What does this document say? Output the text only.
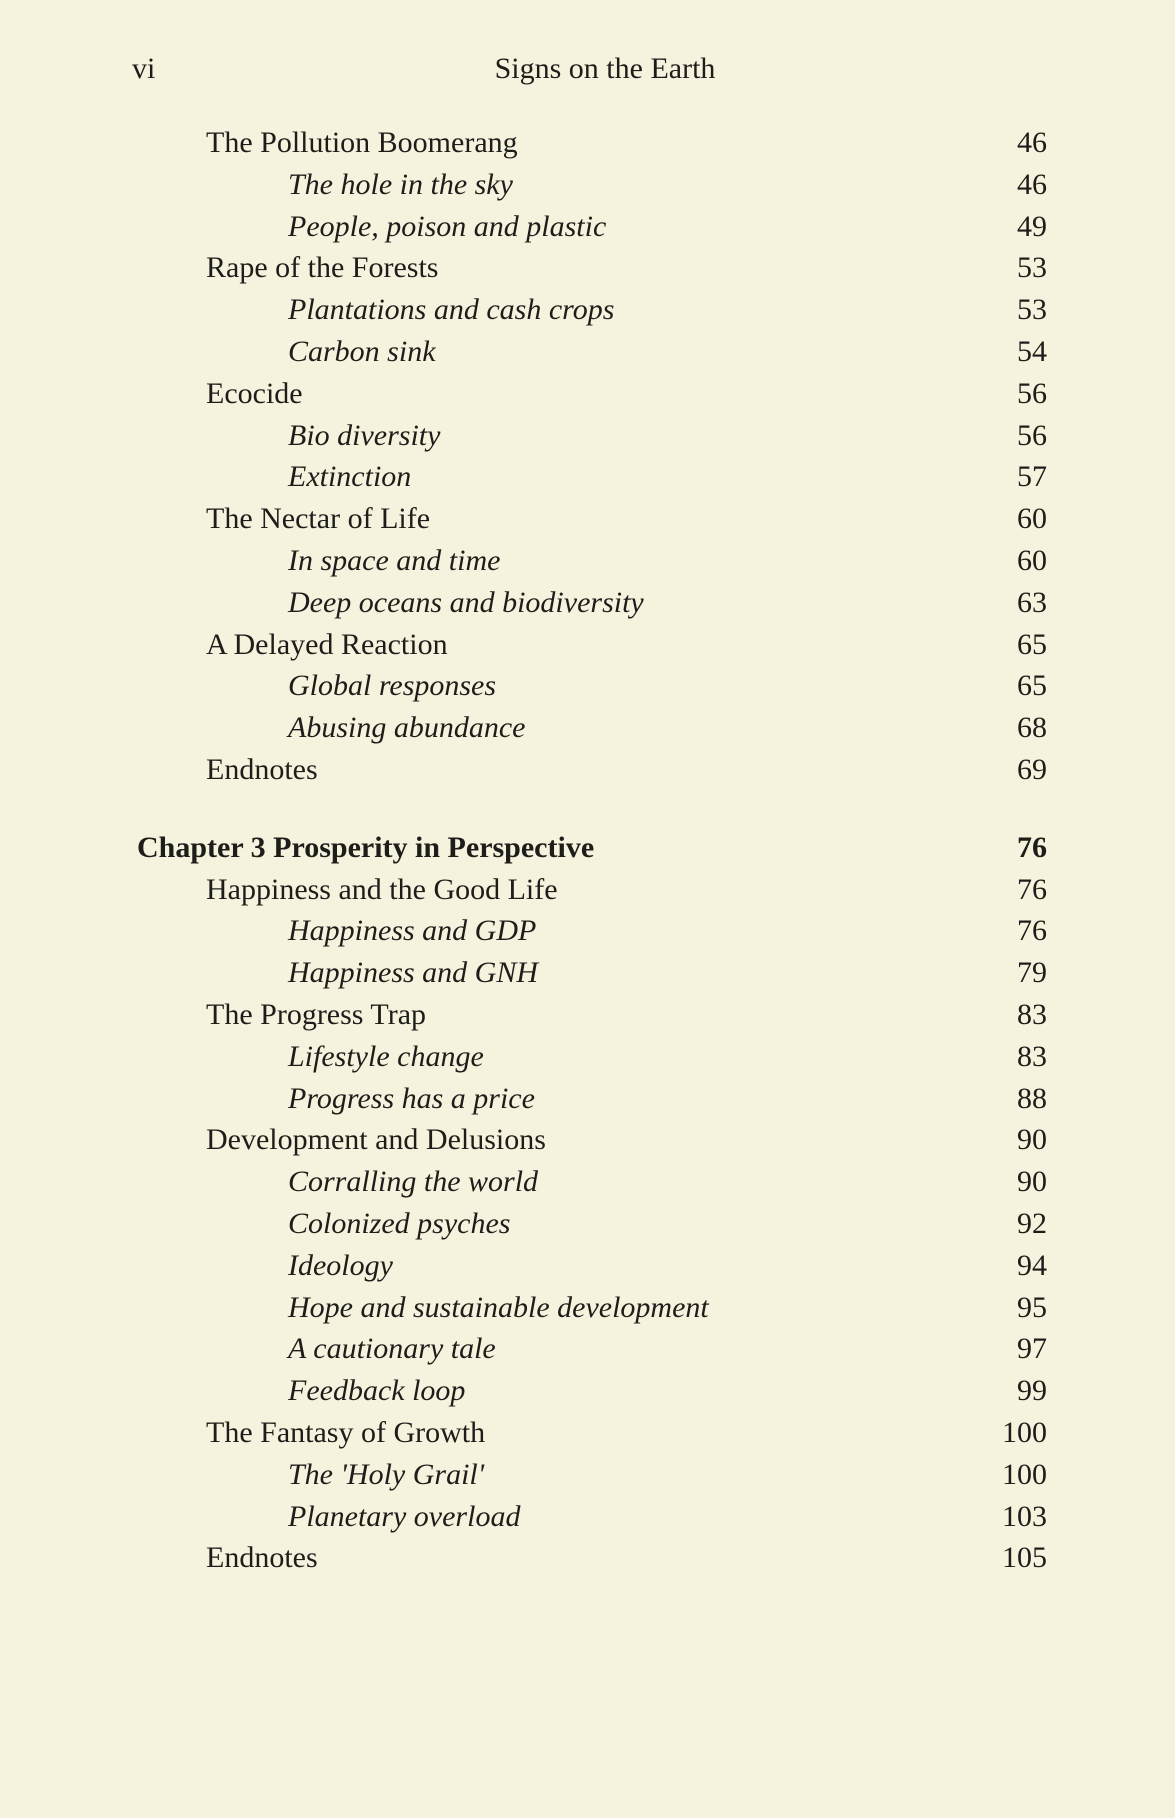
vi	Signs on the Earth
The Pollution Boomerang	46
The hole in the sky	46
People, poison and plastic	49
Rape of the Forests	53
Plantations and cash crops	53
Carbon sink	54
Ecocide	56
Bio diversity	56
Extinction	57
The Nectar of Life	60
In space and time	60
Deep oceans and biodiversity	63
A Delayed Reaction	65
Global responses	65
Abusing abundance	68
Endnotes	69
Chapter 3 Prosperity in Perspective	76
Happiness and the Good Life	76
Happiness and GDP	76
Happiness and GNH	79
The Progress Trap	83
Lifestyle change	83
Progress has a price	88
Development and Delusions	90
Corralling the world	90
Colonized psyches	92
Ideology	94
Hope and sustainable development	95
A cautionary tale	97
Feedback loop	99
The Fantasy of Growth	100
The 'Holy Grail'	100
Planetary overload	103
Endnotes	105
